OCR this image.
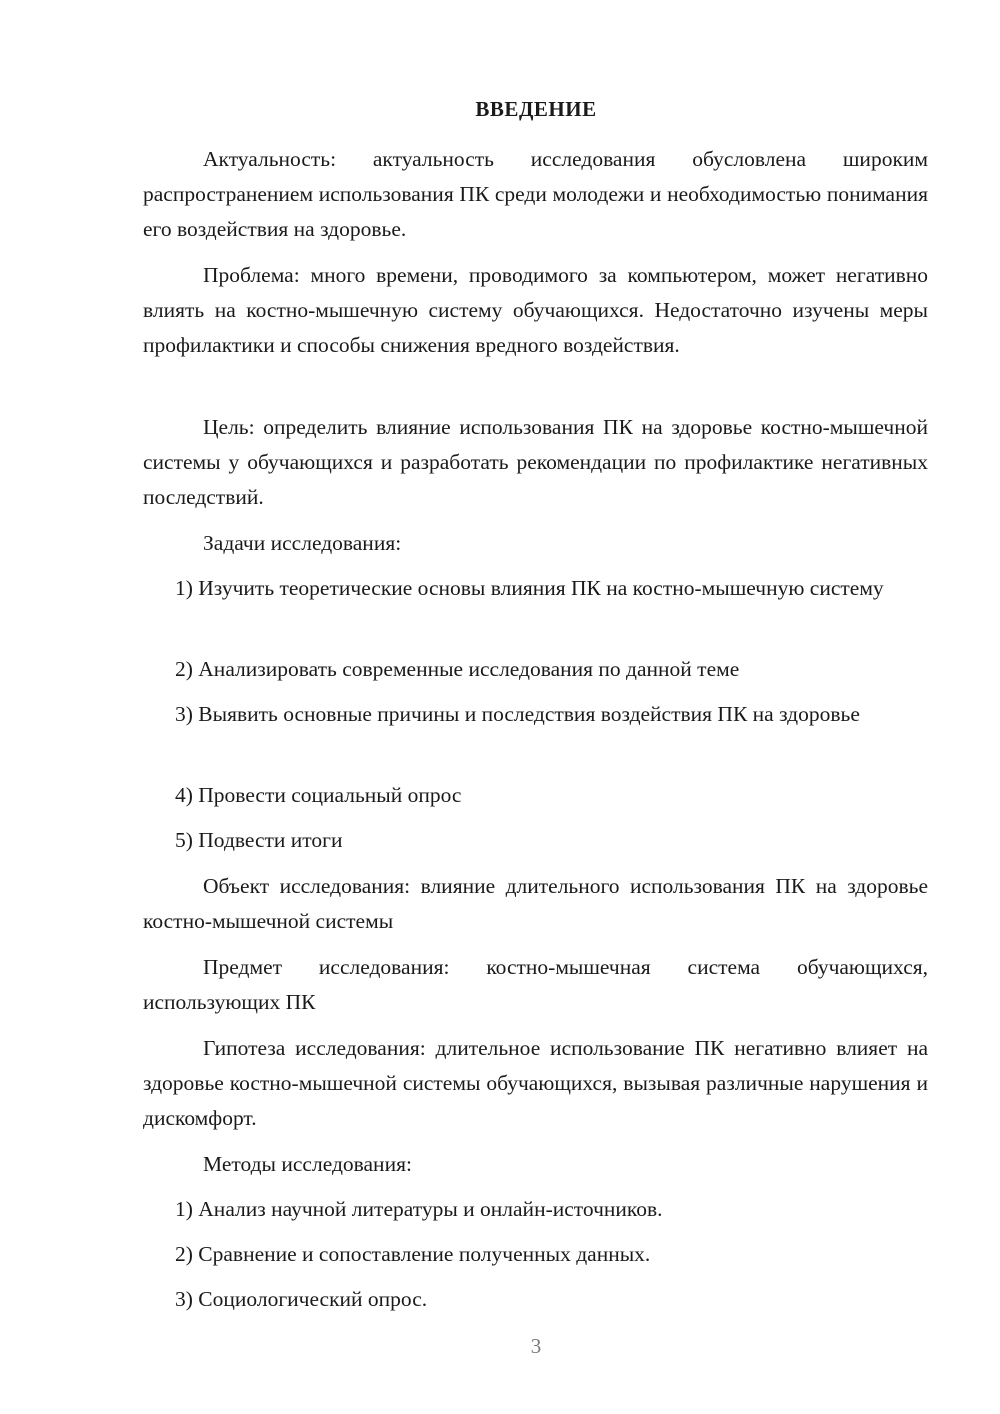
ВВЕДЕНИЕ

Актуальность: актуальность исследования обусловлена широким распространением использования ПК среди молодежи и необходимостью понимания его воздействия на здоровье.

Проблема: много времени, проводимого за компьютером, может негативно влиять на костно-мышечную систему обучающихся. Недостаточно изучены меры профилактики и способы снижения вредного воздействия.

Цель: определить влияние использования ПК на здоровье костно-мышечной системы у обучающихся и разработать рекомендации по профилактике негативных последствий.

Задачи исследования:

1) Изучить теоретические основы влияния ПК на костно-мышечную систему

2) Анализировать современные исследования по данной теме

3) Выявить основные причины и последствия воздействия ПК на здоровье

4) Провести социальный опрос

5) Подвести итоги

Объект исследования: влияние длительного использования ПК на здоровье костно-мышечной системы

Предмет исследования: костно-мышечная система обучающихся, использующих ПК

Гипотеза исследования: длительное использование ПК негативно влияет на здоровье костно-мышечной системы обучающихся, вызывая различные нарушения и дискомфорт.

Методы исследования:

1) Анализ научной литературы и онлайн-источников.

2) Сравнение и сопоставление полученных данных.

3) Социологический опрос.

3
